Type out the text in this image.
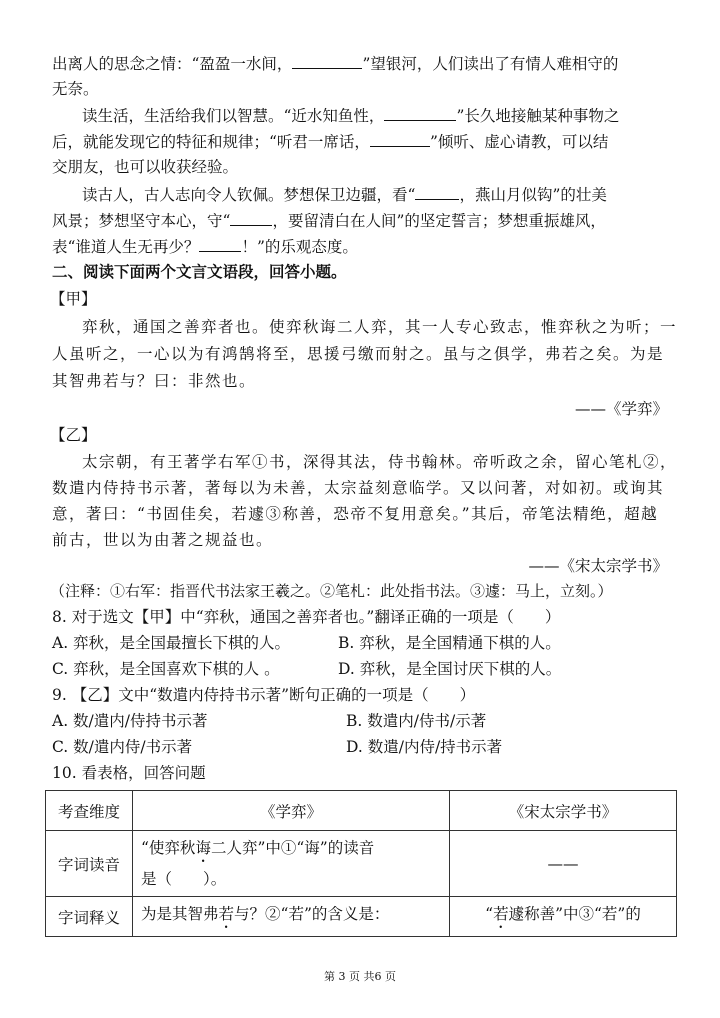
出离人的思念之情：“盈盈一水间，	”望银河，人们读出了有情人难相守的
无奈。
读生活，生活给我们以智慧。“近水知鱼性，	”长久地接触某种事物之
后，就能发现它的特征和规律；“听君一席话，	”倾听、虚心请教，可以结
交朋友，也可以收获经验。
读古人，古人志向令人钦佩。梦想保卫边疆，看“	，燕山月似钩”的壮美
风景；梦想坚守本心，守“	，要留清白在人间”的坚定誓言；梦想重振雄风，
表“谁道人生无再少？	！”的乐观态度。
二、阅读下面两个文言文语段，回答小题。
【甲】
弈秋，通国之善弈者也。使弈秋诲二人弈，其一人专心致志，惟弈秋之为听；一
人虽听之，一心以为有鸿鹄将至，思援弓缴而射之。虽与之俱学，弗若之矣。为是
其智弗若与？曰：非然也。
——《学弈》
【乙】
太宗朝，有王著学右军①书，深得其法，侍书翰林。帝听政之余，留心笔札②，
数遣内侍持书示著，著每以为未善，太宗益刻意临学。又以问著，对如初。或询其
意，著曰：“书固佳矣，若遽③称善，恐帝不复用意矣。”其后，帝笔法精绝，超越
前古，世以为由著之规益也。
——《宋太宗学书》
（注释：①右军：指晋代书法家王羲之。②笔札：此处指书法。③遽：马上，立刻。）
8. 对于选文【甲】中“弈秋，通国之善弈者也。”翻译正确的一项是（　　）
A. 弈秋，是全国最擅长下棋的人。	B. 弈秋，是全国精通下棋的人。
C. 弈秋，是全国喜欢下棋的人 。	D. 弈秋，是全国讨厌下棋的人。
9. 【乙】文中“数遣内侍持书示著”断句正确的一项是（　　）
A. 数/遣内/侍持书示著	B. 数遣内/侍书/示著
C. 数/遣内侍/书示著	D. 数遣/内侍/持书示著
10. 看表格，回答问题
考查维度	《学弈》	《宋太宗学书》
字词读音	“使弈秋诲二人弈”中①“诲”的读音
是（　　）。	——
字词释义	为是其智弗若与？②“若”的含义是：	“若遽称善”中③“若”的
第 3 页 共6 页
